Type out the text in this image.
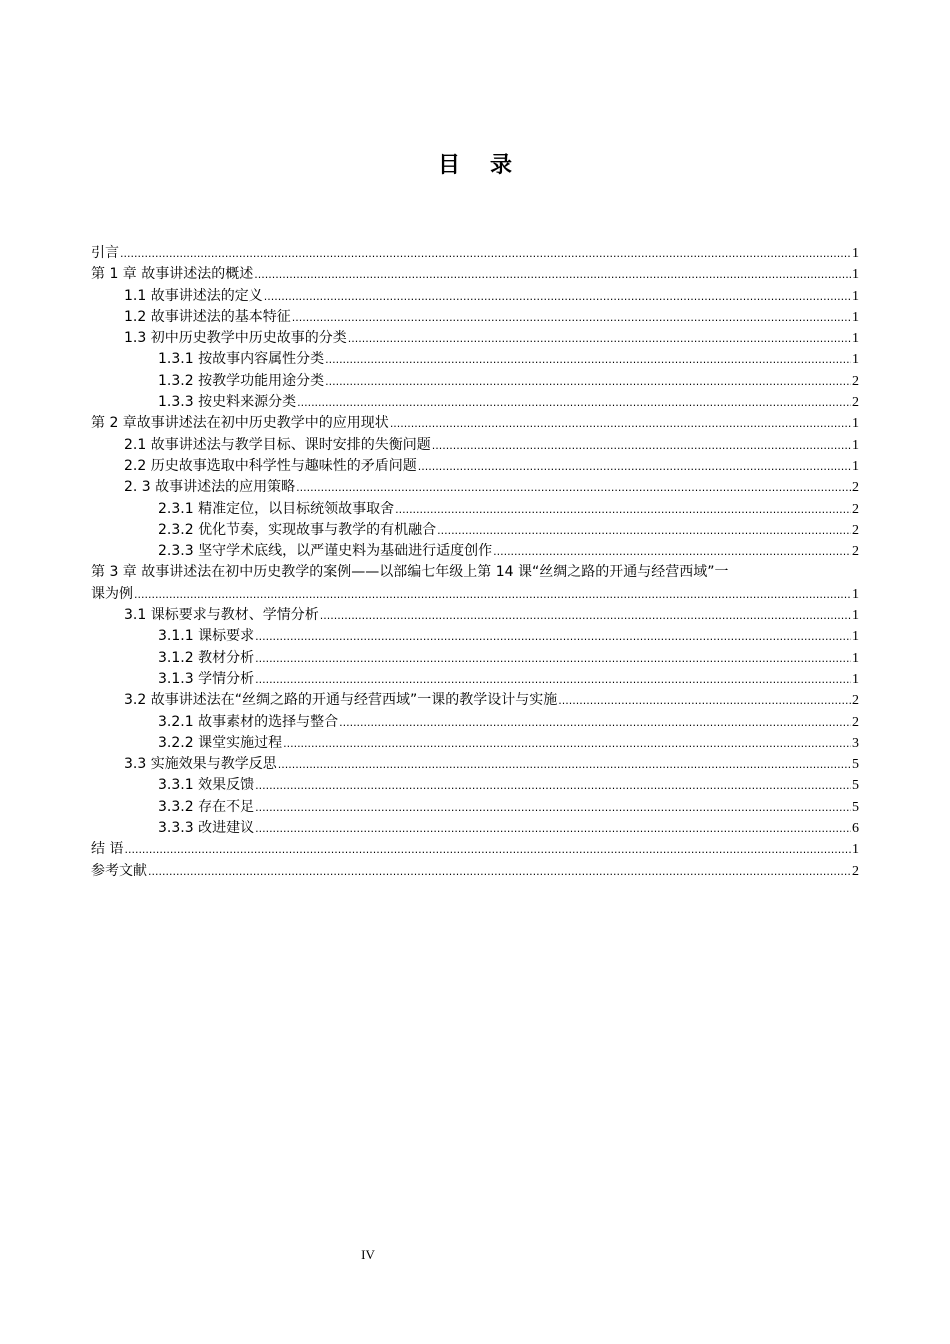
目 录
引言 .....	1
第 1 章 故事讲述法的概述 .....	1
1.1 故事讲述法的定义 .....	1
1.2 故事讲述法的基本特征 .....	1
1.3 初中历史教学中历史故事的分类 .....	1
1.3.1 按故事内容属性分类 .....	1
1.3.2 按教学功能用途分类 .....	2
1.3.3 按史料来源分类 .....	2
第 2 章故事讲述法在初中历史教学中的应用现状 .....	1
2.1 故事讲述法与教学目标、课时安排的失衡问题 .....	1
2.2 历史故事选取中科学性与趣味性的矛盾问题 .....	1
2. 3 故事讲述法的应用策略 .....	2
2.3.1 精准定位，以目标统领故事取舍 .....	2
2.3.2 优化节奏，实现故事与教学的有机融合 .....	2
2.3.3 坚守学术底线，以严谨史料为基础进行适度创作 .....	2
第 3 章 故事讲述法在初中历史教学的案例——以部编七年级上第 14 课“丝绸之路的开通与经营西域”一
课为例 .....	1
3.1 课标要求与教材、学情分析 .....	1
3.1.1 课标要求 .....	1
3.1.2 教材分析 .....	1
3.1.3 学情分析 .....	1
3.2 故事讲述法在“丝绸之路的开通与经营西域”一课的教学设计与实施 .....	2
3.2.1 故事素材的选择与整合 .....	2
3.2.2 课堂实施过程 .....	3
3.3 实施效果与教学反思 .....	5
3.3.1 效果反馈 .....	5
3.3.2 存在不足 .....	5
3.3.3 改进建议 .....	6
结 语 .....	1
参考文献 .....	2
IV
